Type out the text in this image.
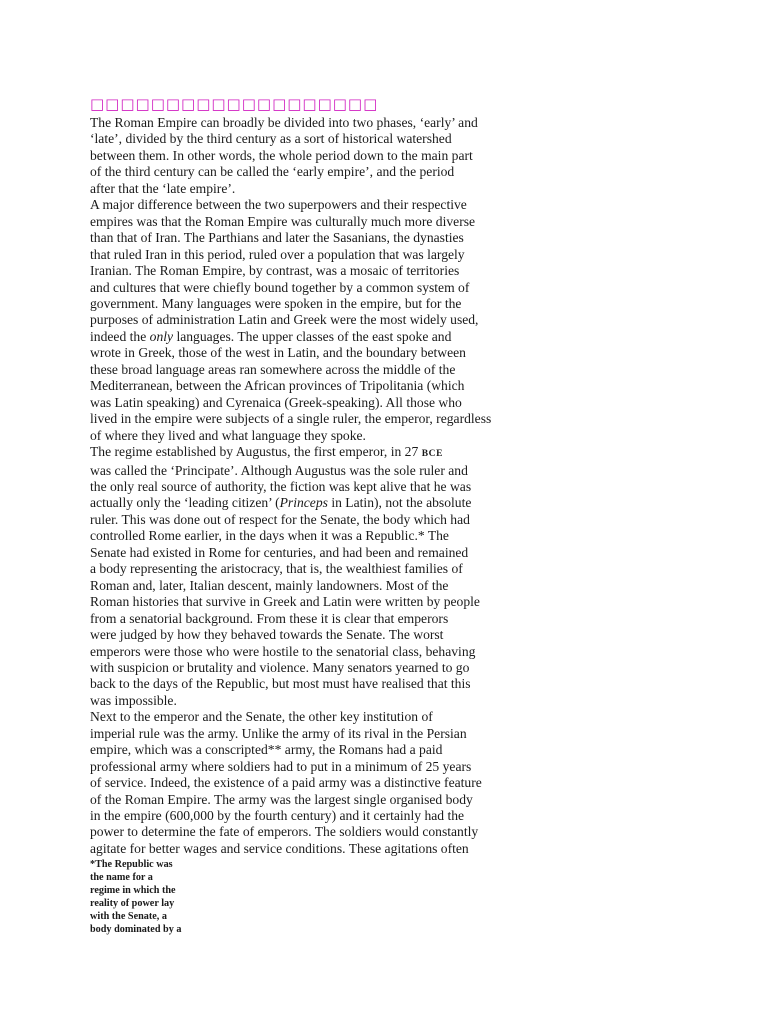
□□□□□□□□□□□□□□□□□□□
The Roman Empire can broadly be divided into two phases, ‘early’ and
‘late’, divided by the third century as a sort of historical watershed
between them. In other words, the whole period down to the main part
of the third century can be called the ‘early empire’, and the period
after that the ‘late empire’.
A major difference between the two superpowers and their respective
empires was that the Roman Empire was culturally much more diverse
than that of Iran. The Parthians and later the Sasanians, the dynasties
that ruled Iran in this period, ruled over a population that was largely
Iranian. The Roman Empire, by contrast, was a mosaic of territories
and cultures that were chiefly bound together by a common system of
government. Many languages were spoken in the empire, but for the
purposes of administration Latin and Greek were the most widely used,
indeed the only languages. The upper classes of the east spoke and
wrote in Greek, those of the west in Latin, and the boundary between
these broad language areas ran somewhere across the middle of the
Mediterranean, between the African provinces of Tripolitania (which
was Latin speaking) and Cyrenaica (Greek-speaking). All those who
lived in the empire were subjects of a single ruler, the emperor, regardless
of where they lived and what language they spoke.
The regime established by Augustus, the first emperor, in 27 BCE
was called the ‘Principate’. Although Augustus was the sole ruler and
the only real source of authority, the fiction was kept alive that he was
actually only the ‘leading citizen’ (Princeps in Latin), not the absolute
ruler. This was done out of respect for the Senate, the body which had
controlled Rome earlier, in the days when it was a Republic.* The
Senate had existed in Rome for centuries, and had been and remained
a body representing the aristocracy, that is, the wealthiest families of
Roman and, later, Italian descent, mainly landowners. Most of the
Roman histories that survive in Greek and Latin were written by people
from a senatorial background. From these it is clear that emperors
were judged by how they behaved towards the Senate. The worst
emperors were those who were hostile to the senatorial class, behaving
with suspicion or brutality and violence. Many senators yearned to go
back to the days of the Republic, but most must have realised that this
was impossible.
Next to the emperor and the Senate, the other key institution of
imperial rule was the army. Unlike the army of its rival in the Persian
empire, which was a conscripted** army, the Romans had a paid
professional army where soldiers had to put in a minimum of 25 years
of service. Indeed, the existence of a paid army was a distinctive feature
of the Roman Empire. The army was the largest single organised body
in the empire (600,000 by the fourth century) and it certainly had the
power to determine the fate of emperors. The soldiers would constantly
agitate for better wages and service conditions. These agitations often
*The Republic was
the name for a
regime in which the
reality of power lay
with the Senate, a
body dominated by a
